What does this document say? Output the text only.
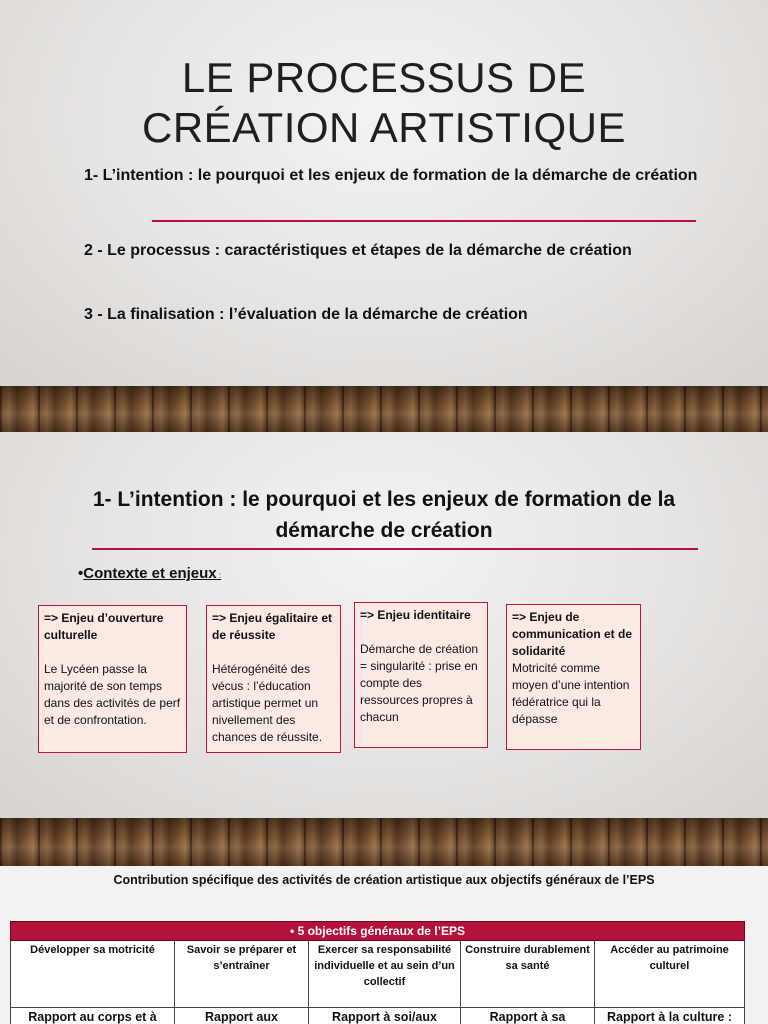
LE PROCESSUS DE
CRÉATION ARTISTIQUE
1- L’intention : le pourquoi et les enjeux de formation de la démarche de création
2 - Le processus : caractéristiques et étapes de la démarche de création
3 - La finalisation : l’évaluation de la démarche de création
1- L’intention : le pourquoi et les enjeux de formation de la démarche de création
•Contexte et enjeux :
=> Enjeu d’ouverture culturelle
Le Lycéen passe la majorité de son temps dans des activités de perf et de confrontation.
=> Enjeu égalitaire et de réussite
Hétérogénéité des vécus : l’éducation artistique permet un nivellement des chances de réussite.
=> Enjeu identitaire
Démarche de création = singularité : prise en compte des ressources propres à chacun
=> Enjeu de communication et de solidarité
Motricité comme moyen d’une intention fédératrice qui la dépasse
Contribution spécifique des activités de création artistique aux objectifs généraux de l’EPS
• 5 objectifs généraux de l’EPS				
Développer sa motricité	Savoir se préparer et s’entraîner	Exercer sa responsabilité individuelle et au sein d’un collectif	Construire durablement sa santé	Accéder au patrimoine culturel
Rapport au corps et à	Rapport aux	Rapport à soi/aux	Rapport à sa	Rapport à la culture :
